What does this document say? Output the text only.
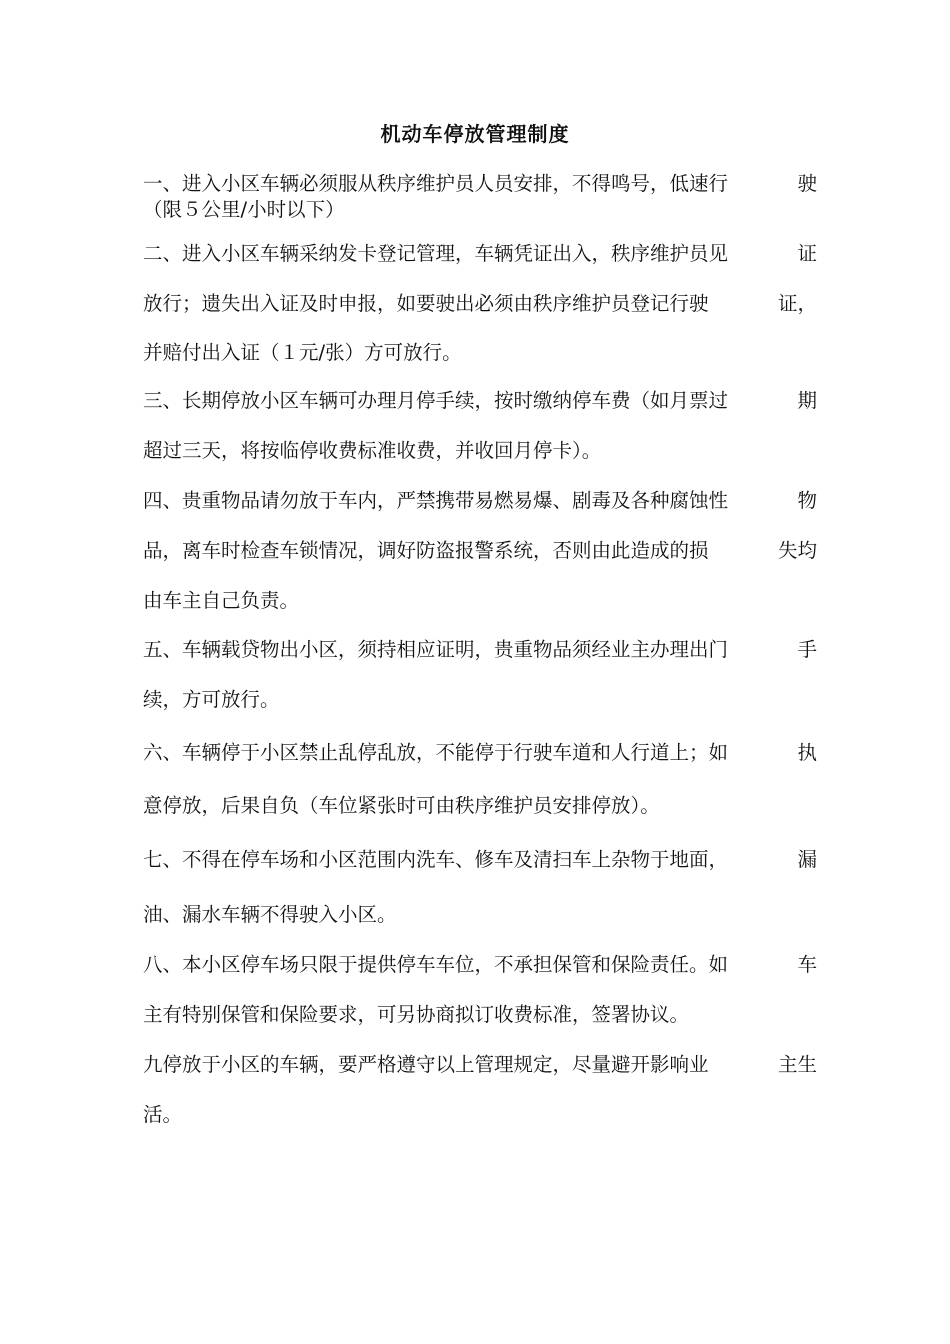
机动车停放管理制度
一、进入小区车辆必须服从秩序维护员人员安排，不得鸣号，低速行	驶
（限５公里/小时以下）
二、进入小区车辆采纳发卡登记管理，车辆凭证出入，秩序维护员见	证
放行；遗失出入证及时申报，如要驶出必须由秩序维护员登记行驶	证，
并赔付出入证（１元/张）方可放行。
三、长期停放小区车辆可办理月停手续，按时缴纳停车费（如月票过	期
超过三天，将按临停收费标准收费，并收回月停卡）。
四、贵重物品请勿放于车内，严禁携带易燃易爆、剧毒及各种腐蚀性	物
品，离车时检查车锁情况，调好防盗报警系统，否则由此造成的损	失均
由车主自己负责。
五、车辆载贷物出小区，须持相应证明，贵重物品须经业主办理出门	手
续，方可放行。
六、车辆停于小区禁止乱停乱放，不能停于行驶车道和人行道上；如	执
意停放，后果自负（车位紧张时可由秩序维护员安排停放）。
七、不得在停车场和小区范围内洗车、修车及清扫车上杂物于地面，	漏
油、漏水车辆不得驶入小区。
八、本小区停车场只限于提供停车车位，不承担保管和保险责任。如	车
主有特别保管和保险要求，可另协商拟订收费标准，签署协议。
九停放于小区的车辆，要严格遵守以上管理规定，尽量避开影响业	主生
活。
